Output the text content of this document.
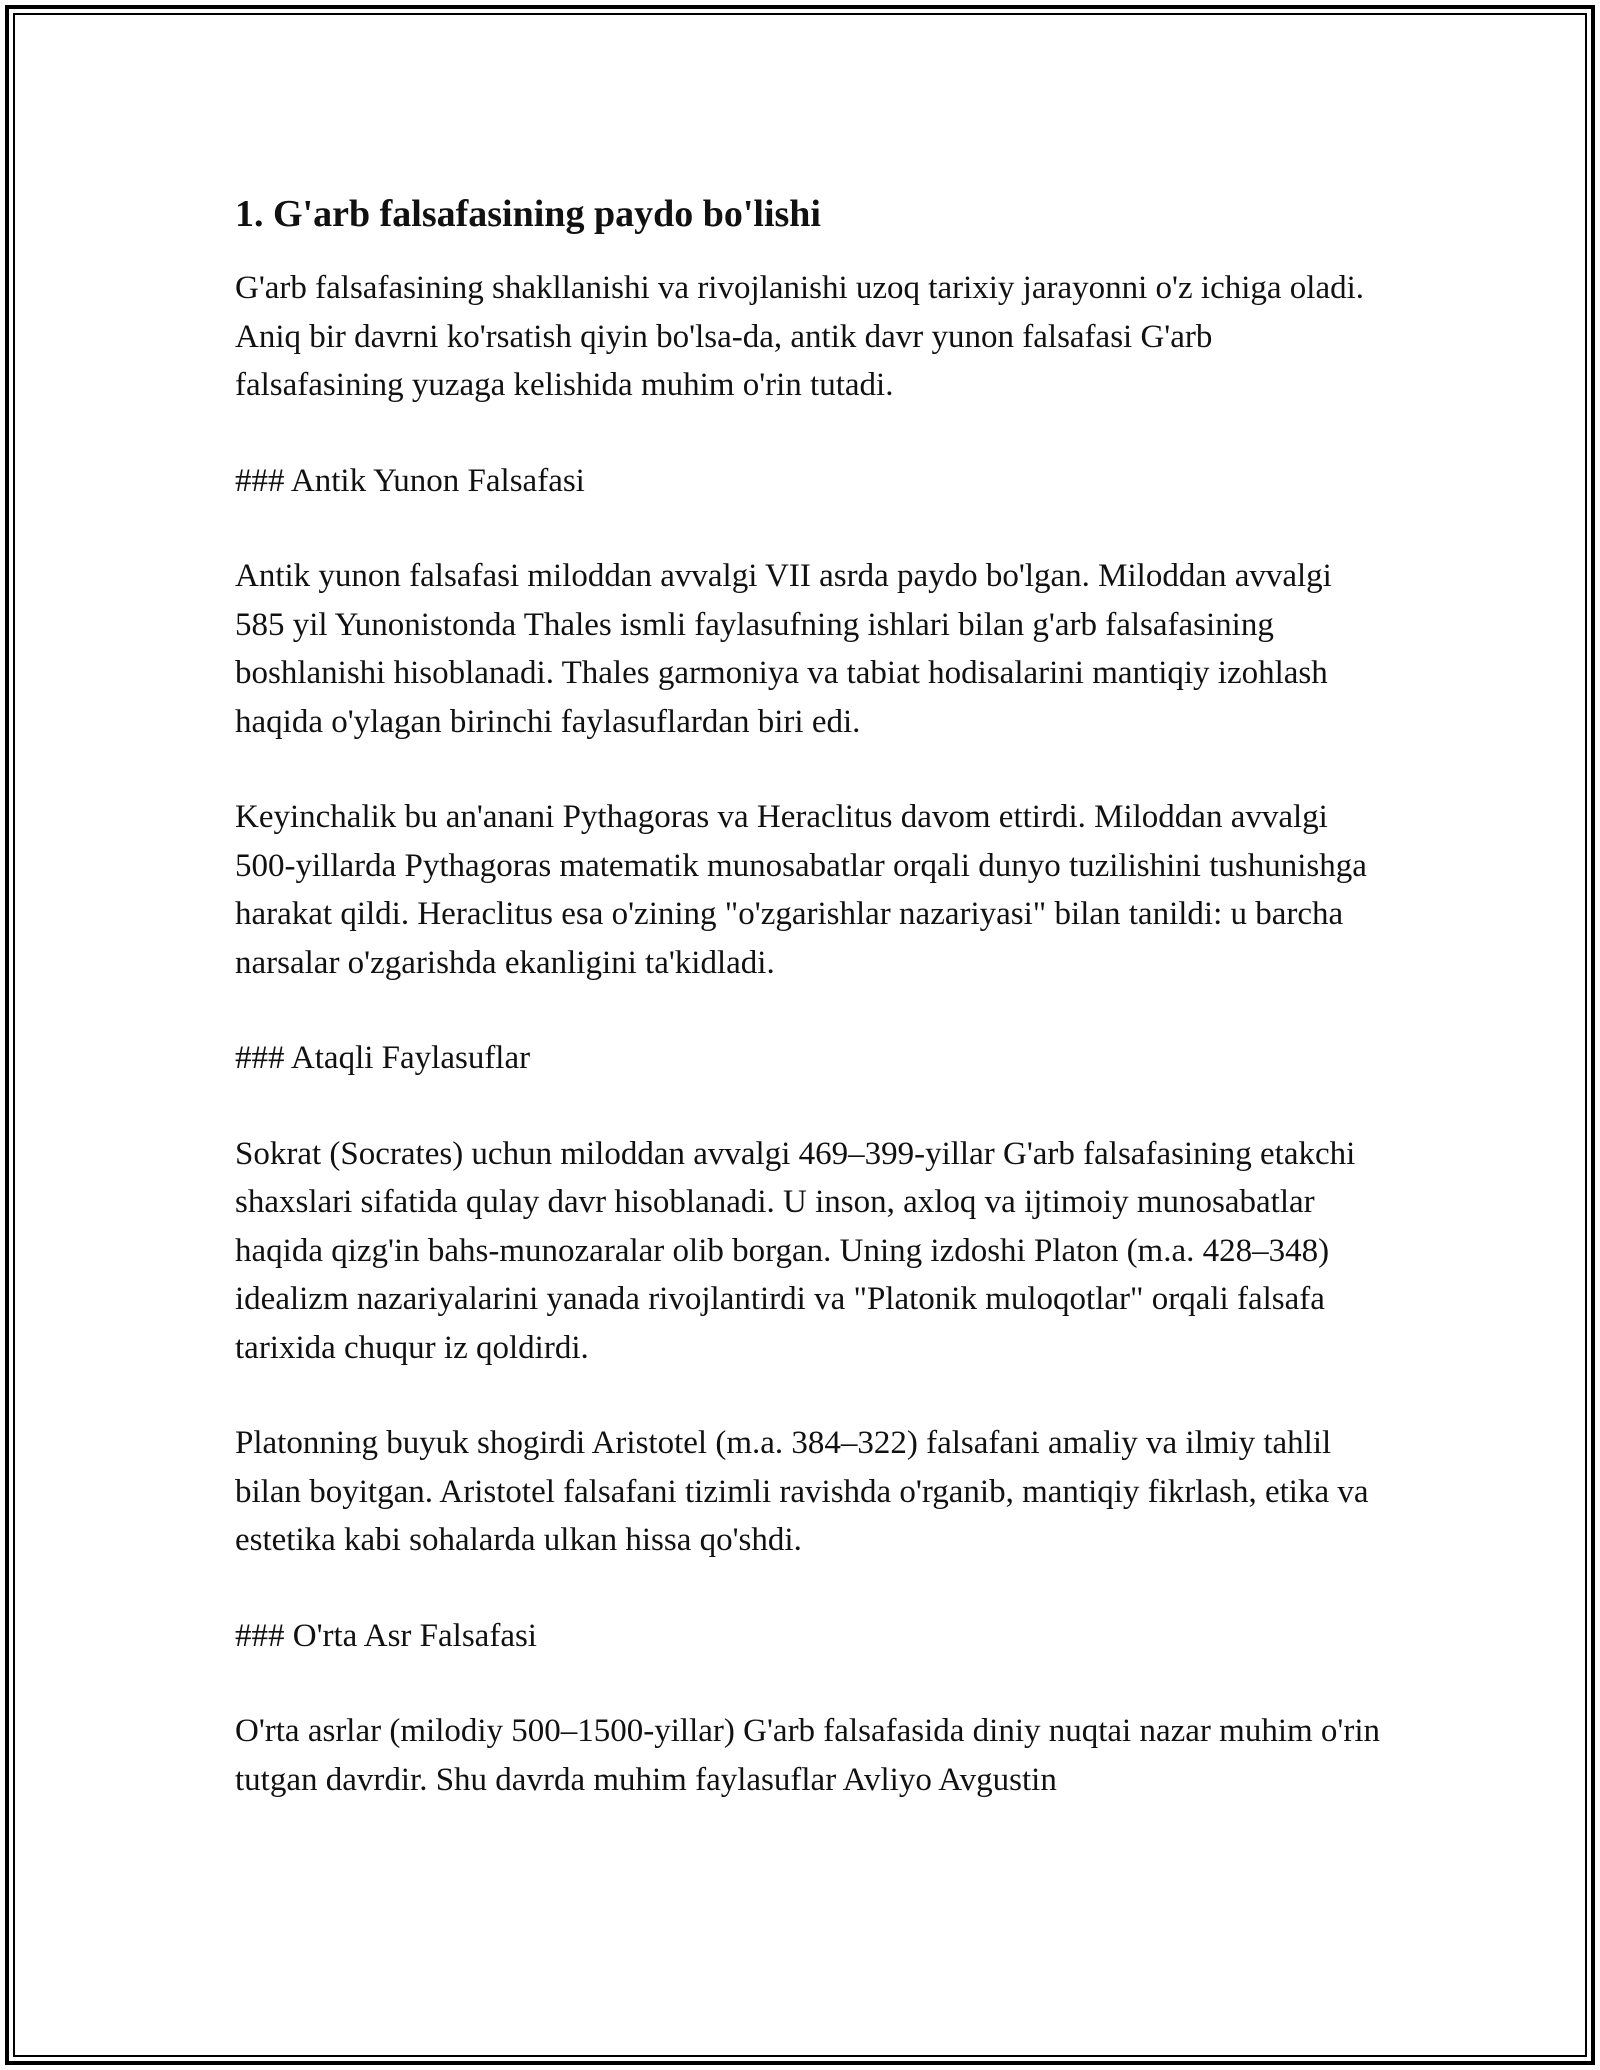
1. G'arb falsafasining paydo bo'lishi

G'arb falsafasining shakllanishi va rivojlanishi uzoq tarixiy jarayonni o'z ichiga oladi. Aniq bir davrni ko'rsatish qiyin bo'lsa-da, antik davr yunon falsafasi G'arb falsafasining yuzaga kelishida muhim o'rin tutadi.

### Antik Yunon Falsafasi

Antik yunon falsafasi miloddan avvalgi VII asrda paydo bo'lgan. Miloddan avvalgi 585 yil Yunonistonda Thales ismli faylasufning ishlari bilan g'arb falsafasining boshlanishi hisoblanadi. Thales garmoniya va tabiat hodisalarini mantiqiy izohlash haqida o'ylagan birinchi faylasuflardan biri edi.

Keyinchalik bu an'anani Pythagoras va Heraclitus davom ettirdi. Miloddan avvalgi 500-yillarda Pythagoras matematik munosabatlar orqali dunyo tuzilishini tushunishga harakat qildi. Heraclitus esa o'zining "o'zgarishlar nazariyasi" bilan tanildi: u barcha narsalar o'zgarishda ekanligini ta'kidladi.

### Ataqli Faylasuflar

Sokrat (Socrates) uchun miloddan avvalgi 469–399-yillar G'arb falsafasining etakchi shaxslari sifatida qulay davr hisoblanadi. U inson, axloq va ijtimoiy munosabatlar haqida qizg'in bahs-munozaralar olib borgan. Uning izdoshi Platon (m.a. 428–348) idealizm nazariyalarini yanada rivojlantirdi va "Platonik muloqotlar" orqali falsafa tarixida chuqur iz qoldirdi.

Platonning buyuk shogirdi Aristotel (m.a. 384–322) falsafani amaliy va ilmiy tahlil bilan boyitgan. Aristotel falsafani tizimli ravishda o'rganib, mantiqiy fikrlash, etika va estetika kabi sohalarda ulkan hissa qo'shdi.

### O'rta Asr Falsafasi

O'rta asrlar (milodiy 500–1500-yillar) G'arb falsafasida diniy nuqtai nazar muhim o'rin tutgan davrdir. Shu davrda muhim faylasuflar Avliyo Avgustin
